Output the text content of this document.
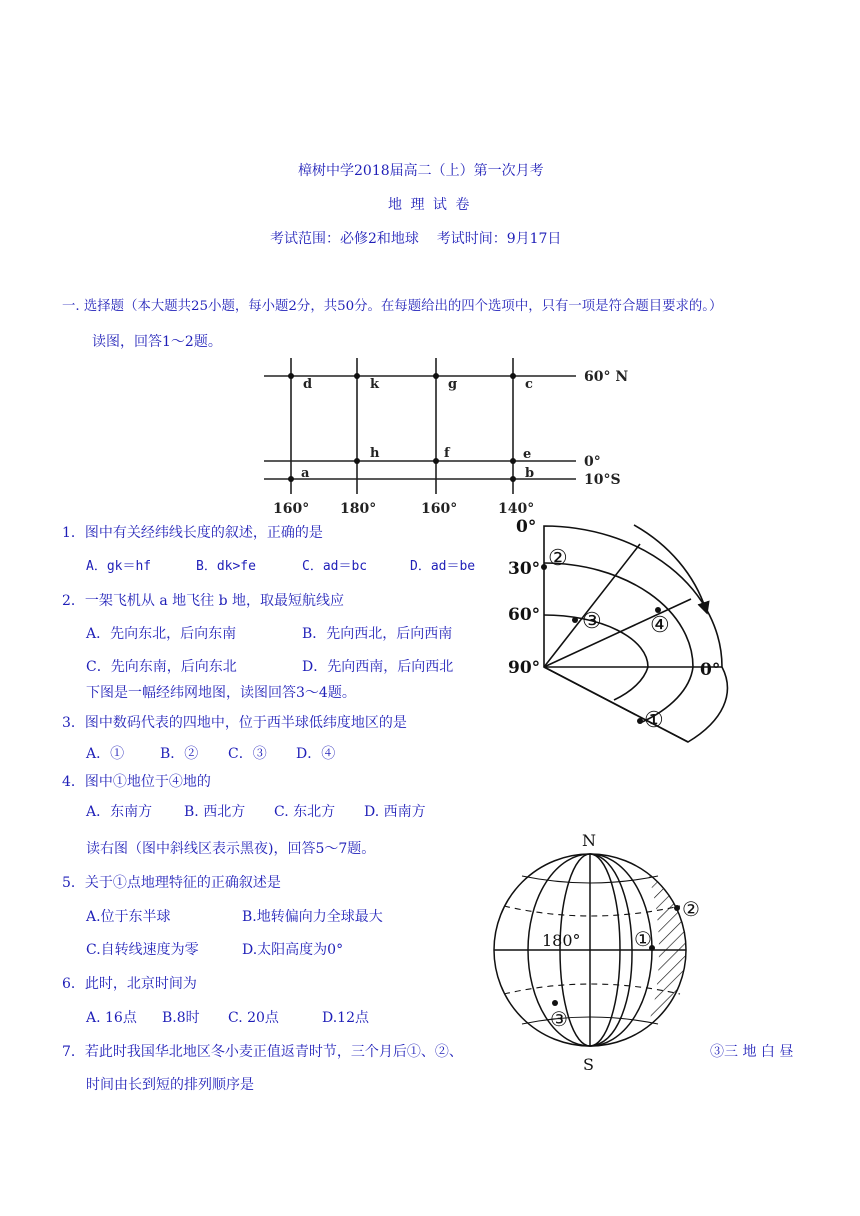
樟树中学2018届高二（上）第一次月考
地 理 试 卷
考试范围：必修2和地球    考试时间：9月17日
一. 选择题（本大题共25小题，每小题2分，共50分。在每题给出的四个选项中，只有一项是符合题目要求的。）
读图，回答1～2题。
d	k	g	c
h	f	e
a	b
60° N
0°
10°S
160° 180°	160°	140°
1．图中有关经纬线长度的叙述，正确的是
A．gk＝hf	B．dk>fe	C．ad＝bc	D．ad＝be
2．一架飞机从 a 地飞往 b 地，取最短航线应
A．先向东北，后向东南	B．先向西北，后向西南
C．先向东南，后向东北	D．先向西南，后向西北
下图是一幅经纬网地图，读图回答3～4题。
0°
30°
60°
90°	0°
①
②
③ ④
3．图中数码代表的四地中，位于西半球低纬度地区的是
A．①	B．② C．③ D．④
4．图中①地位于④地的
A．东南方 B. 西北方 C. 东北方 D. 西南方
读右图（图中斜线区表示黑夜)，回答5～7题。	N
S
180°	①
②
③
5．关于①点地理特征的正确叙述是
A.位于东半球	B.地转偏向力全球最大
C.自转线速度为零	D.太阳高度为0°
6．此时，北京时间为
A. 16点 B.8时 C. 20点	D.12点
7．若此时我国华北地区冬小麦正值返青时节，三个月后①、②、	③三 地 白 昼
时间由长到短的排列顺序是
